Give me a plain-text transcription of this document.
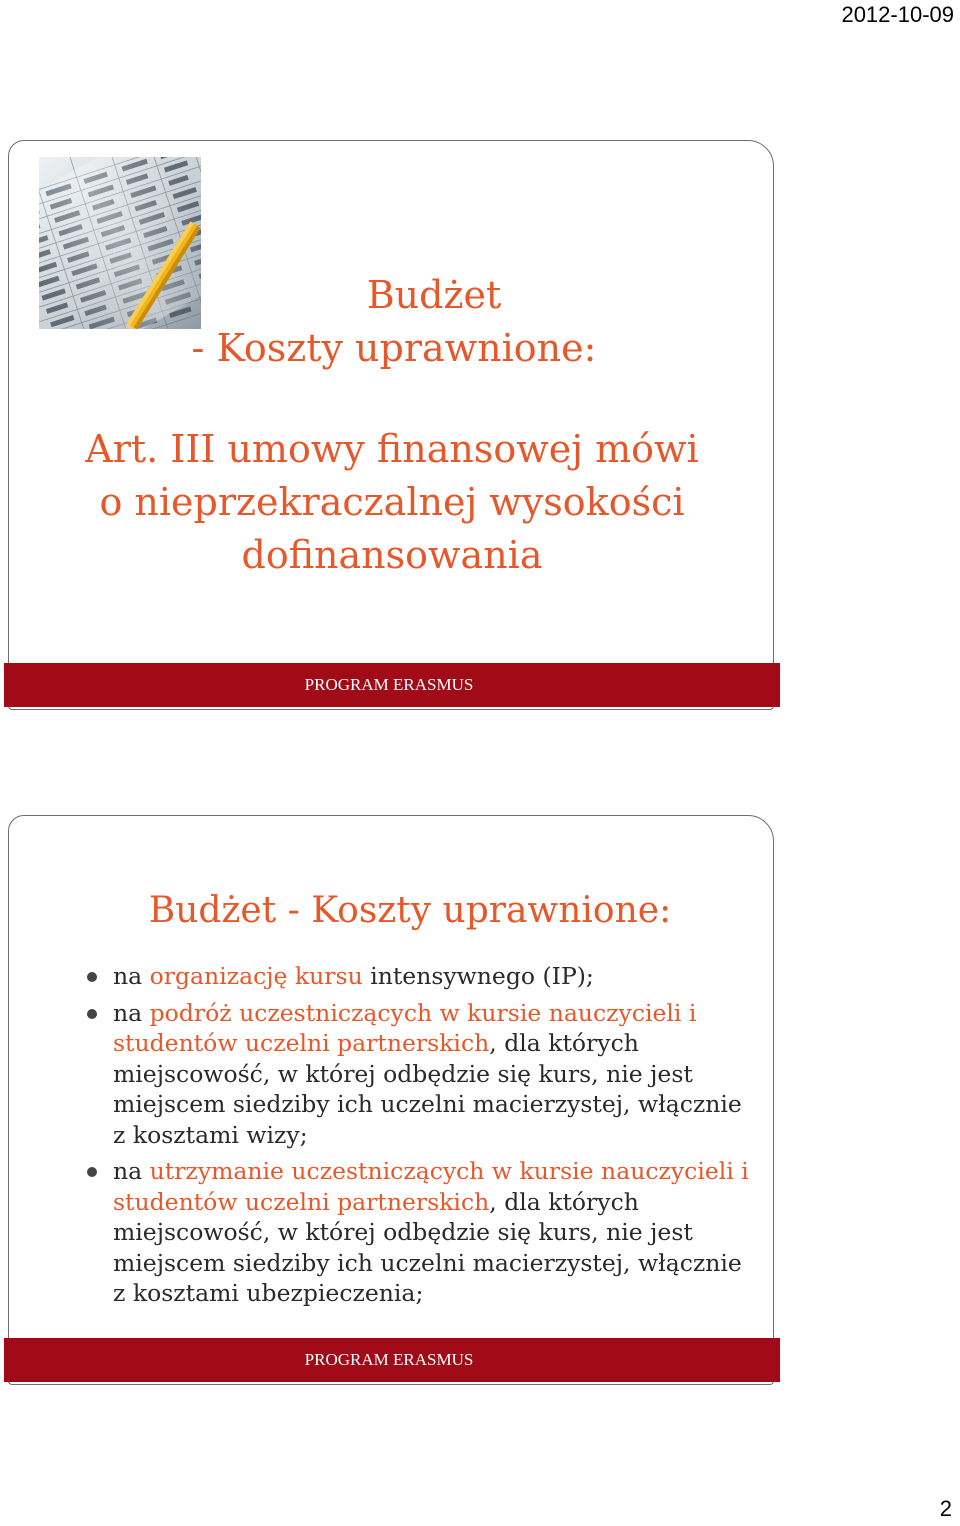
2012-10-09
Budżet
- Koszty uprawnione:
Art. III umowy finansowej mówi
o nieprzekraczalnej wysokości
dofinansowania
PROGRAM ERASMUS
Budżet - Koszty uprawnione:
na organizację kursu intensywnego (IP);
na podróż uczestniczących w kursie nauczycieli i studentów uczelni partnerskich, dla których miejscowość, w której odbędzie się kurs, nie jest miejscem siedziby ich uczelni macierzystej, włącznie z kosztami wizy;
na utrzymanie uczestniczących w kursie nauczycieli i studentów uczelni partnerskich, dla których miejscowość, w której odbędzie się kurs, nie jest miejscem siedziby ich uczelni macierzystej, włącznie z kosztami ubezpieczenia;
PROGRAM ERASMUS
2
